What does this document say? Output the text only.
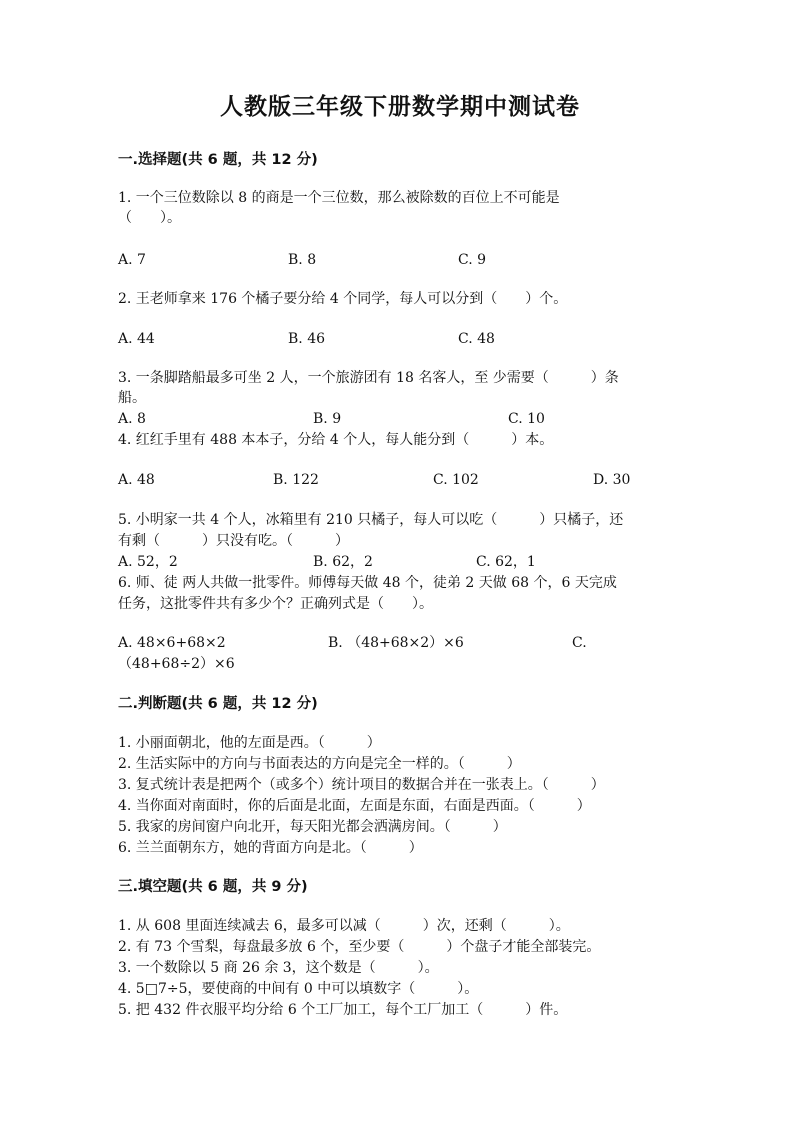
人教版三年级下册数学期中测试卷
一.选择题(共 6 题，共 12 分)
1. 一个三位数除以 8 的商是一个三位数，那么被除数的百位上不可能是
（　　）。
A. 7	B. 8	C. 9
2. 王老师拿来 176 个橘子要分给 4 个同学，每人可以分到（　　）个。
A. 44	B. 46	C. 48
3. 一条脚踏船最多可坐 2 人，一个旅游团有 18 名客人，至 少需要（　　　）条
船。
A. 8	B. 9	C. 10
4. 红红手里有 488 本本子，分给 4 个人，每人能分到（　　　）本。
A. 48	B. 122	C. 102	D. 30
5. 小明家一共 4 个人，冰箱里有 210 只橘子，每人可以吃（　　　）只橘子，还
有剩（　　　）只没有吃。（　　　）
A. 52，2	B. 62，2	C. 62，1
6. 师、徒 两人共做一批零件。师傅每天做 48 个，徒弟 2 天做 68 个，6 天完成
任务，这批零件共有多少个？正确列式是（　　）。
A. 48×6+68×2	B. （48+68×2）×6	C.
（48+68÷2）×6
二.判断题(共 6 题，共 12 分)
1. 小丽面朝北，他的左面是西。（　　　）
2. 生活实际中的方向与书面表达的方向是完全一样的。（　　　）
3. 复式统计表是把两个（或多个）统计项目的数据合并在一张表上。（　　　）
4. 当你面对南面时，你的后面是北面，左面是东面，右面是西面。（　　　）
5. 我家的房间窗户向北开，每天阳光都会洒满房间。（　　　）
6. 兰兰面朝东方，她的背面方向是北。（　　　）
三.填空题(共 6 题，共 9 分)
1. 从 608 里面连续减去 6，最多可以减（　　　）次，还剩（　　　）。
2. 有 73 个雪梨，每盘最多放 6 个，至少要（　　　）个盘子才能全部装完。
3. 一个数除以 5 商 26 余 3，这个数是（　　　）。
4. 5□7÷5，要使商的中间有 0 中可以填数字（　　　）。
5. 把 432 件衣服平均分给 6 个工厂加工，每个工厂加工（　　　）件。
